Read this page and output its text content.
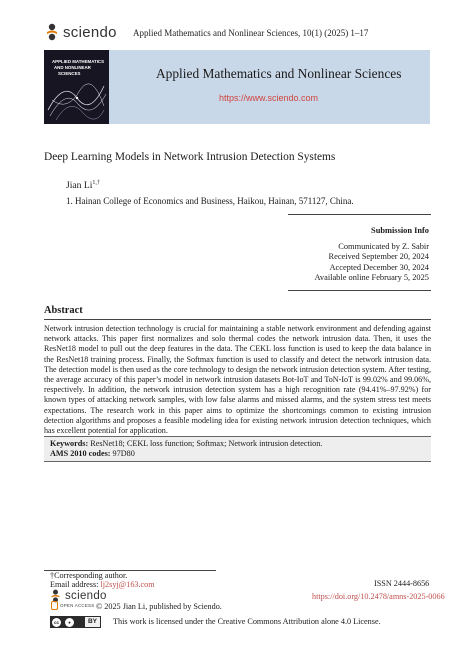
sciendo Applied Mathematics and Nonlinear Sciences, 10(1) (2025) 1–17
APPLIED MATHEMATICS
AND NONLINEAR
SCIENCES	Applied Mathematics and Nonlinear Sciences
https://www.sciendo.com
Deep Learning Models in Network Intrusion Detection Systems
Jian $Li^{1,\dagger}$
1. Hainan College of Economics and Business, Haikou, Hainan, 571127, China.
Submission Info
Communicated by Z. Sabir
Received September 20, 2024
Accepted December 30, 2024
Available online February 5, 2025
Abstract
Network intrusion detection technology is crucial for maintaining a stable network environment and defending against network attacks. This paper first normalizes and solo thermal codes the network intrusion data. Then, it uses the ResNet18 model to pull out the deep features in the data. The CEKL loss function is used to keep the data balance in the ResNet18 training process. Finally, the Softmax function is used to classify and detect the network intrusion data. The detection model is then used as the core technology to design the network intrusion detection system. After testing, the average accuracy of this paper’s model in network intrusion datasets Bot-IoT and ToN-IoT is 99.02% and 99.06%, respectively. In addition, the network intrusion detection system has a high recognition rate (94.41%–97.92%) for known types of attacking network samples, with low false alarms and missed alarms, and the system stress test meets expectations. The research work in this paper aims to optimize the shortcomings common to existing intrusion detection algorithms and proposes a feasible modeling idea for existing network intrusion detection techniques, which has excellent potential for application.
Keywords: ResNet18; CEKL loss function; Softmax; Network intrusion detection.
AMS 2010 codes: 97D80
†Corresponding author.
Email address: lj2syj@163.com	ISSN 2444-8656
https://doi.org/10.2478/amns-2025-0066
sciendo
OPEN ACCESS © 2025 Jian Li, published by Sciendo.
cc	●	BY	This work is licensed under the Creative Commons Attribution alone 4.0 License.
